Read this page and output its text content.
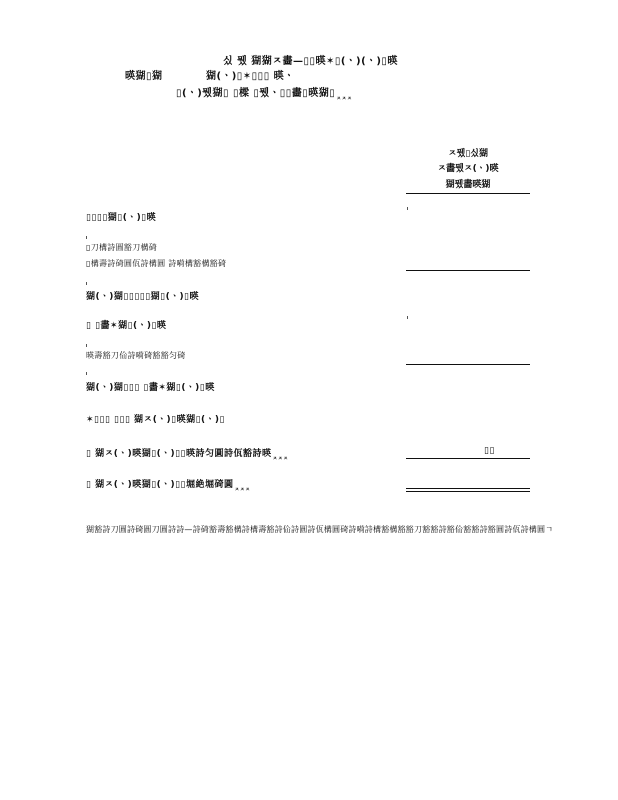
싰 뮀 猢猢ㅈ畵—▯▯暎✶▯(ㆍ)(ㆍ)▯暎
暎猢▯猢	猢(ㆍ)▯✶▯▯▯ 暎ㆍ
▯(ㆍ)뮀猢▯ ▯樑 ▯뮀ㆍ▯▯畵▯暎猢$▯_{ㅈㅈㅈ}$
ㅈ뮀▯싰猢
ㅈ畵뮀ㅈ(ㆍ)暎
猢뮀畵暎猢
▯▯▯▯猢▯(ㆍ)▯暎
▯刀構詩圓豁刀構碕
▯構壽詩碕圓佤詩構圓 詩嗬構豁構豁碕
猢(ㆍ)猢▯▯▯▯▯猢▯(ㆍ)▯暎
▯ ▯畵✶猢▯(ㆍ)▯暎
暎壽豁刀佡詩嗬碕豁豁匀碕
猢(ㆍ)猢▯▯▯ ▯畵✶猢▯(ㆍ)▯暎
✶▯▯▯ ▯▯▯ 猢ㅈ(ㆍ)▯暎猢▯(ㆍ)▯
▯ 猢ㅈ(ㆍ)暎猢▯(ㆍ)▯▯暎詩匀圓詩佤豁詩暎$_{ㅈㅈㅈ}$
▯▯
▯ 猢ㅈ(ㆍ)暎猢▯(ㆍ)▯▯堀絶堀碕圓$_{ㅈㅈㅈ}$
猢豁詩刀圓詩碕圓刀圓詩詩—詩碕豁壽豁構詩構壽豁詩佡詩圓詩佤構圓碕詩嗬詩構豁構豁豁刀豁豁詩豁佡豁豁詩豁圓詩佤詩構圓ㄱ
